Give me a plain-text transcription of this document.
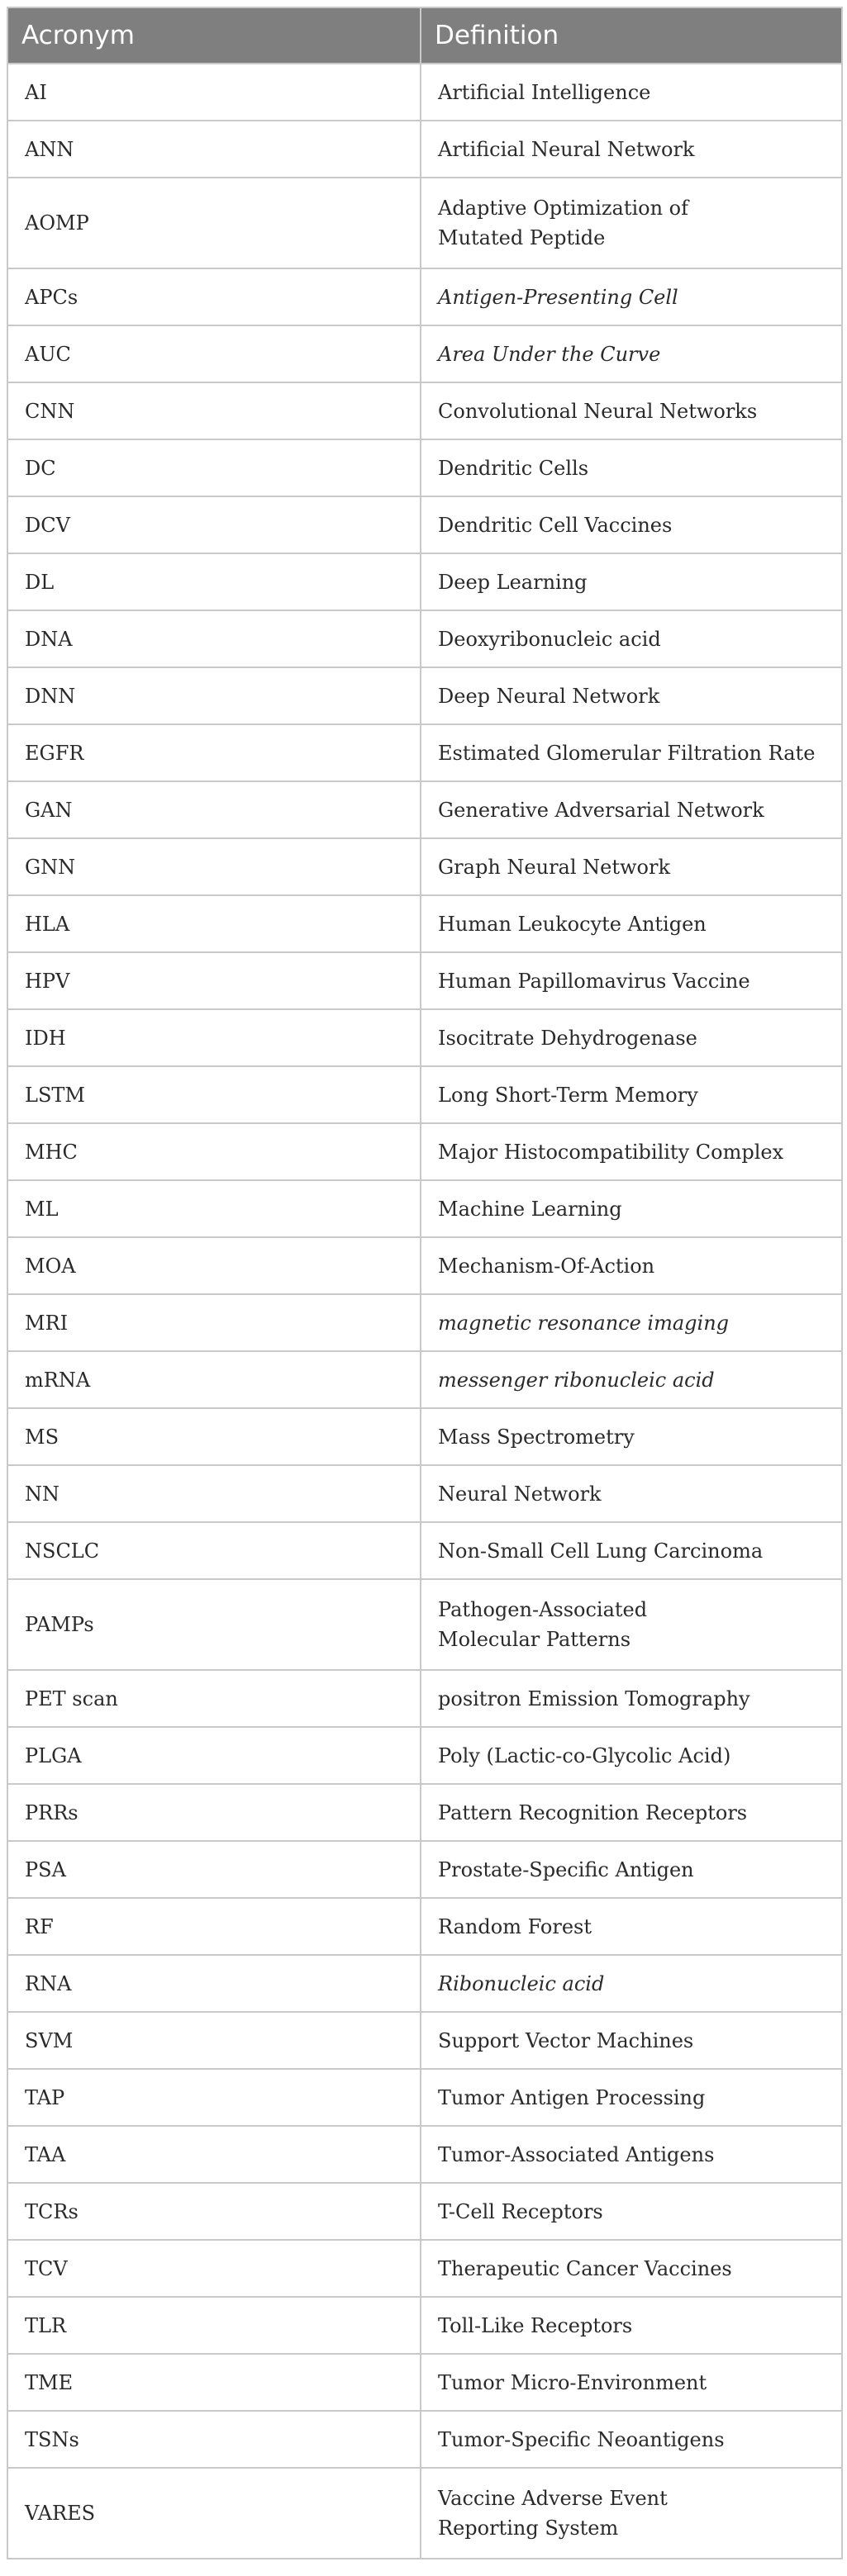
Acronym	Definition
AI	Artificial Intelligence
ANN	Artificial Neural Network
AOMP	Adaptive Optimization of
Mutated Peptide

APCs	Antigen-Presenting Cell
AUC	Area Under the Curve
CNN	Convolutional Neural Networks
DC	Dendritic Cells
DCV	Dendritic Cell Vaccines
DL	Deep Learning
DNA	Deoxyribonucleic acid
DNN	Deep Neural Network
EGFR	Estimated Glomerular Filtration Rate
GAN	Generative Adversarial Network
GNN	Graph Neural Network
HLA	Human Leukocyte Antigen
HPV	Human Papillomavirus Vaccine
IDH	Isocitrate Dehydrogenase
LSTM	Long Short-Term Memory
MHC	Major Histocompatibility Complex
ML	Machine Learning
MOA	Mechanism-Of-Action
MRI	magnetic resonance imaging
mRNA	messenger ribonucleic acid
MS	Mass Spectrometry
NN	Neural Network
NSCLC	Non-Small Cell Lung Carcinoma
PAMPs	Pathogen-Associated
Molecular Patterns

PET scan	positron Emission Tomography
PLGA	Poly (Lactic-co-Glycolic Acid)
PRRs	Pattern Recognition Receptors
PSA	Prostate-Specific Antigen
RF	Random Forest
RNA	Ribonucleic acid
SVM	Support Vector Machines
TAP	Tumor Antigen Processing
TAA	Tumor-Associated Antigens
TCRs	T-Cell Receptors
TCV	Therapeutic Cancer Vaccines
TLR	Toll-Like Receptors
TME	Tumor Micro-Environment
TSNs	Tumor-Specific Neoantigens
VARES	Vaccine Adverse Event
Reporting System
